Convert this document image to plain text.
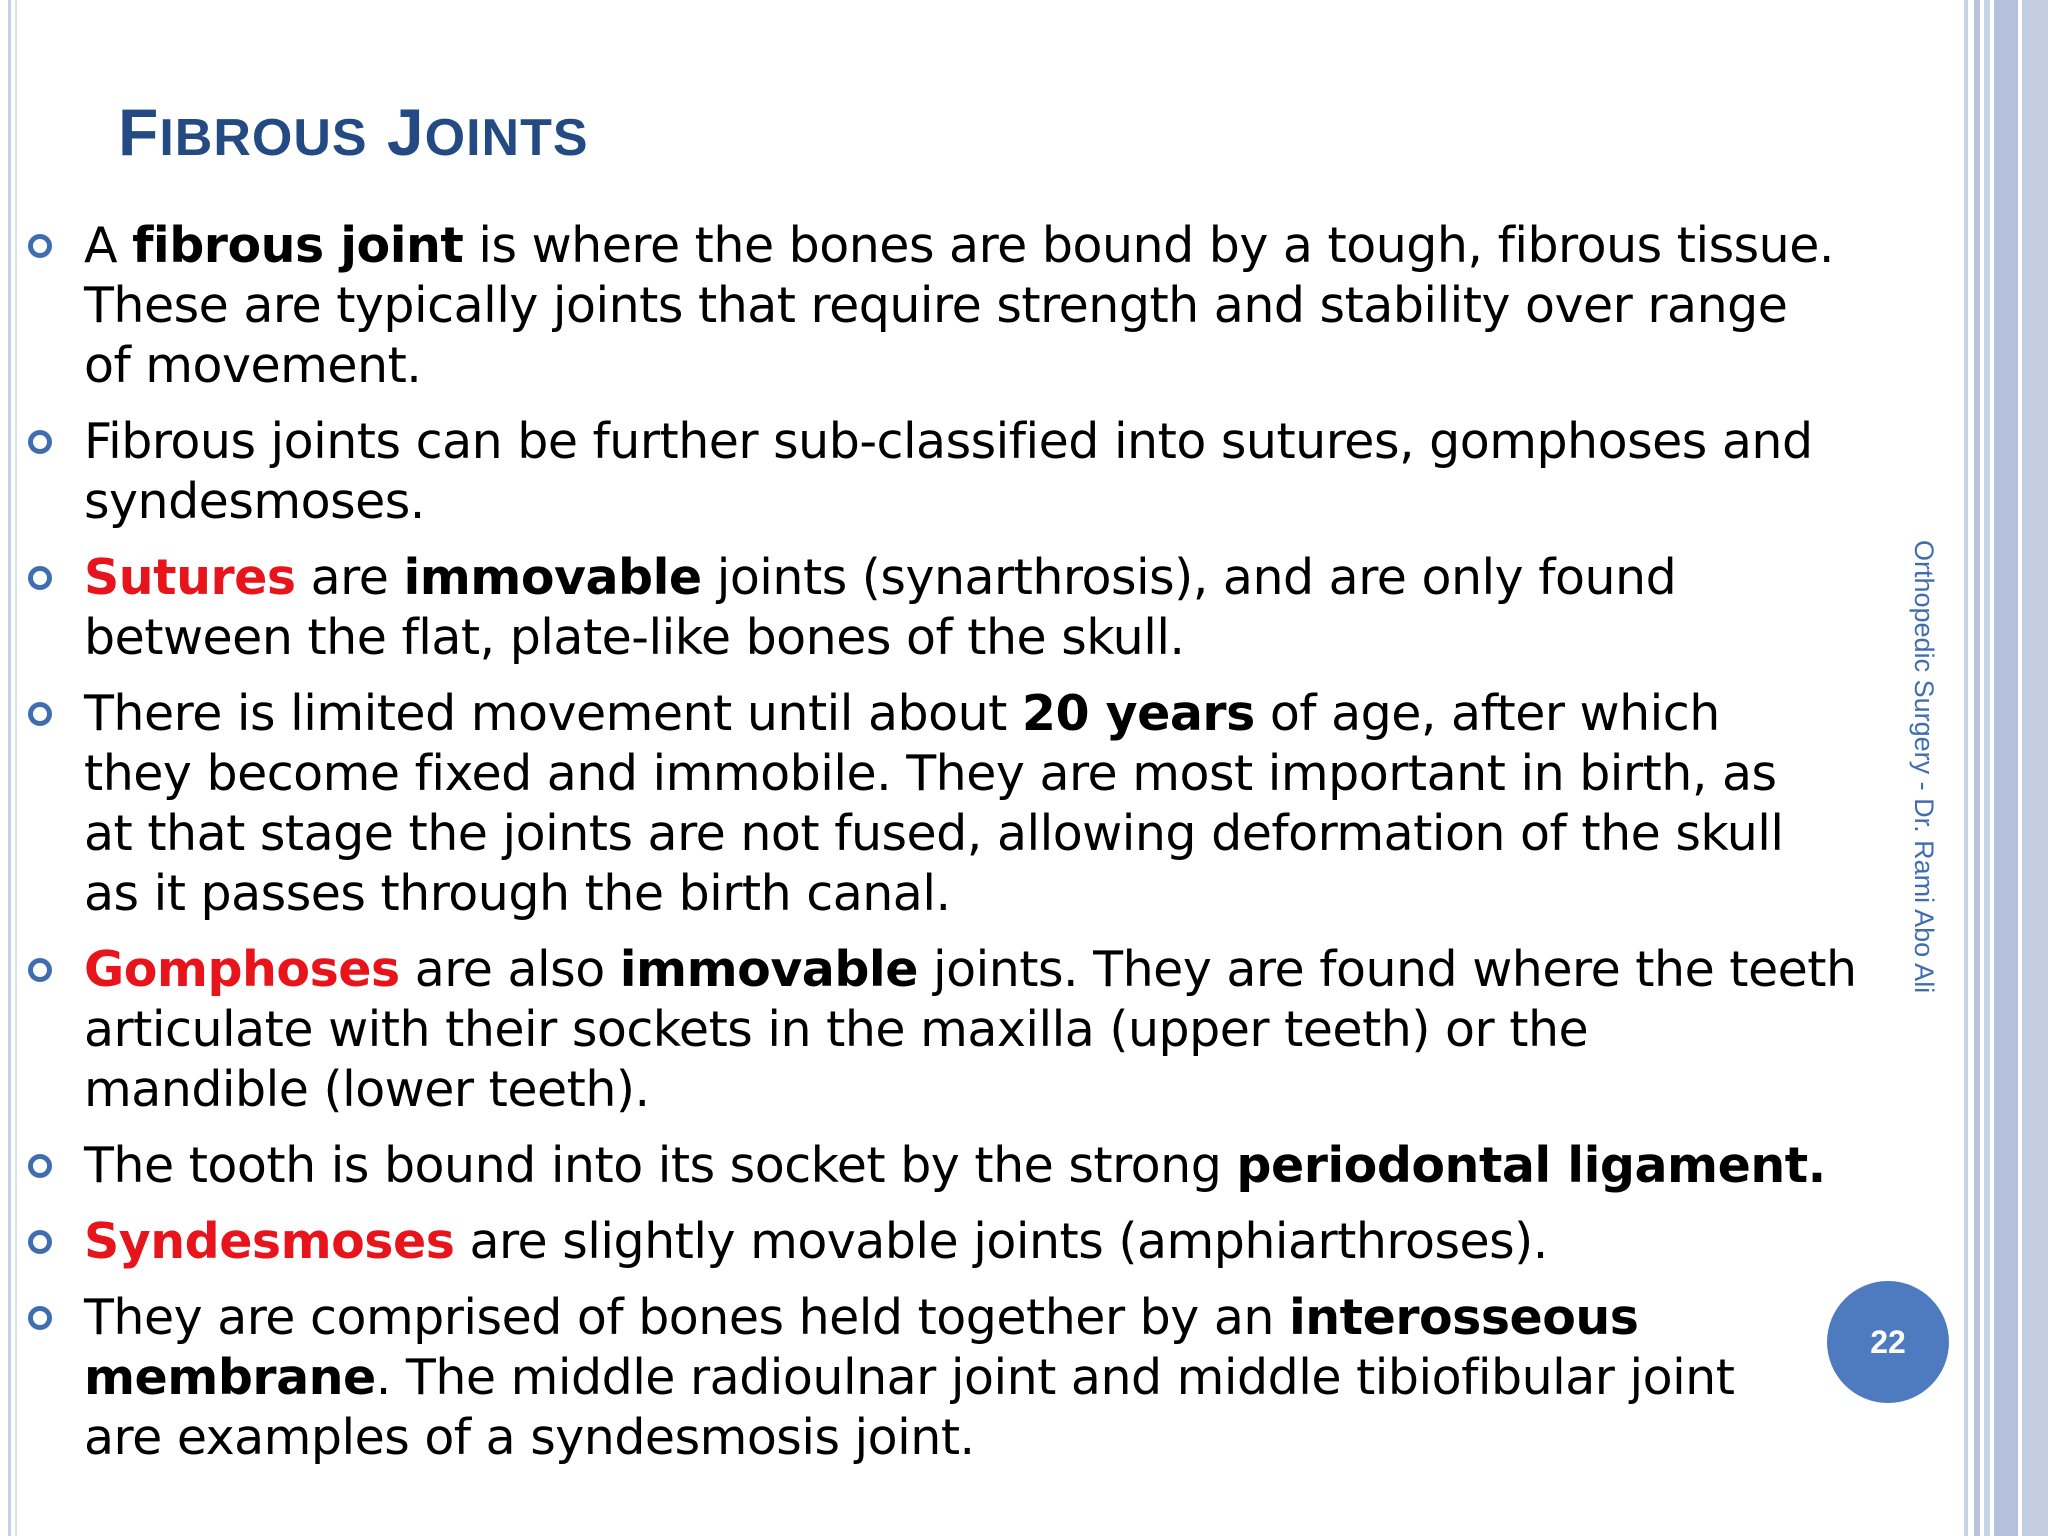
FIBROUS JOINTS
A fibrous joint is where the bones are bound by a tough, fibrous tissue.
These are typically joints that require strength and stability over range
of movement.
Fibrous joints can be further sub-classified into sutures, gomphoses and
syndesmoses.
Sutures are immovable joints (synarthrosis), and are only found
between the flat, plate-like bones of the skull.
There is limited movement until about 20 years of age, after which
they become fixed and immobile. They are most important in birth, as
at that stage the joints are not fused, allowing deformation of the skull
as it passes through the birth canal.
Gomphoses are also immovable joints. They are found where the teeth
articulate with their sockets in the maxilla (upper teeth) or the
mandible (lower teeth).
The tooth is bound into its socket by the strong periodontal ligament.
Syndesmoses are slightly movable joints (amphiarthroses).
They are comprised of bones held together by an interosseous
membrane. The middle radioulnar joint and middle tibiofibular joint
are examples of a syndesmosis joint.
Orthopedic Surgery - Dr. Rami Abo Ali
22
